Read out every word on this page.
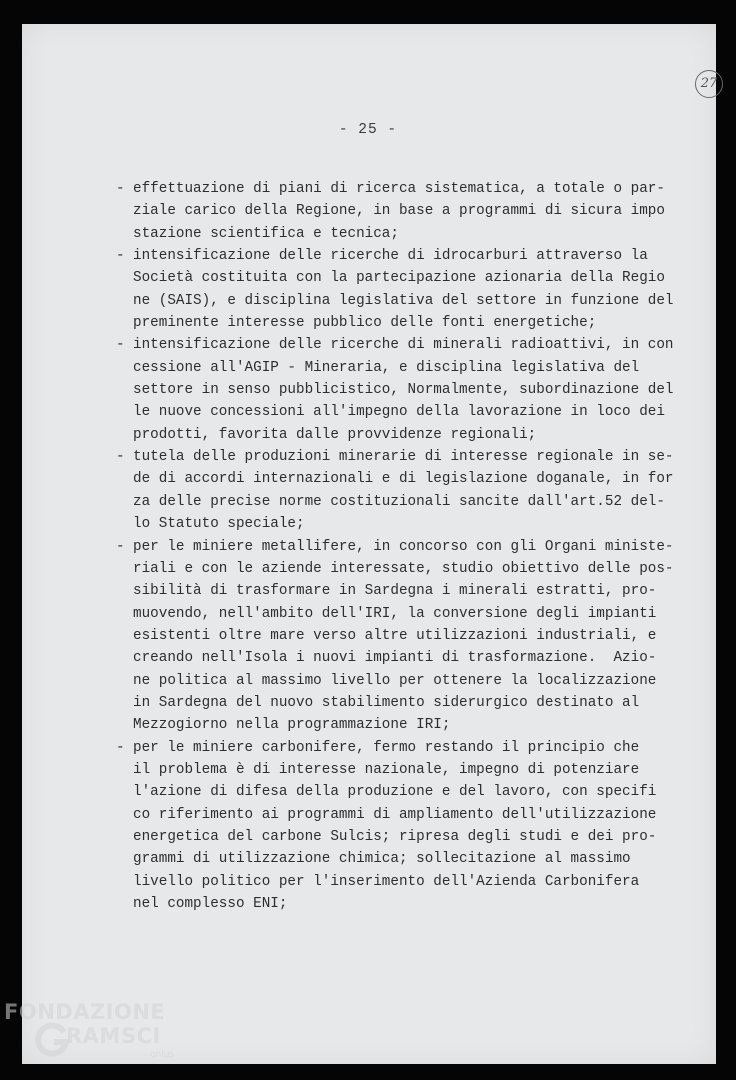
27
- 25 -
- effettuazione di piani di ricerca sistematica, a totale o par-
ziale carico della Regione, in base a programmi di sicura impo
stazione scientifica e tecnica;
- intensificazione delle ricerche di idrocarburi attraverso la
Società costituita con la partecipazione azionaria della Regio
ne (SAIS), e disciplina legislativa del settore in funzione del
preminente interesse pubblico delle fonti energetiche;
- intensificazione delle ricerche di minerali radioattivi, in con
cessione all'AGIP - Mineraria, e disciplina legislativa del
settore in senso pubblicistico, Normalmente, subordinazione del
le nuove concessioni all'impegno della lavorazione in loco dei
prodotti, favorita dalle provvidenze regionali;
- tutela delle produzioni minerarie di interesse regionale in se-
de di accordi internazionali e di legislazione doganale, in for
za delle precise norme costituzionali sancite dall'art.52 del-
lo Statuto speciale;
- per le miniere metallifere, in concorso con gli Organi ministe-
riali e con le aziende interessate, studio obiettivo delle pos-
sibilità di trasformare in Sardegna i minerali estratti, pro-
muovendo, nell'ambito dell'IRI, la conversione degli impianti
esistenti oltre mare verso altre utilizzazioni industriali, e
creando nell'Isola i nuovi impianti di trasformazione.  Azio-
ne politica al massimo livello per ottenere la localizzazione
in Sardegna del nuovo stabilimento siderurgico destinato al
Mezzogiorno nella programmazione IRI;
- per le miniere carbonifere, fermo restando il principio che
il problema è di interesse nazionale, impegno di potenziare
l'azione di difesa della produzione e del lavoro, con specifi
co riferimento ai programmi di ampliamento dell'utilizzazione
energetica del carbone Sulcis; ripresa degli studi e dei pro-
grammi di utilizzazione chimica; sollecitazione al massimo
livello politico per l'inserimento dell'Azienda Carbonifera
nel complesso ENI;
FONDAZIONE
RAMSCI
onlus
